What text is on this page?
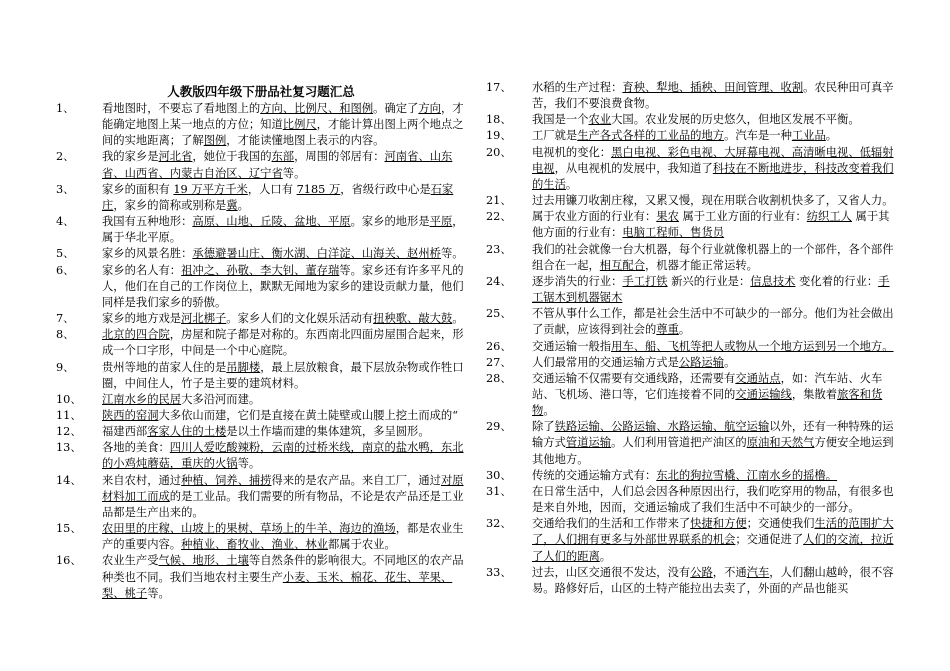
人教版四年级下册品社复习题汇总
1、	看地图时，不要忘了看地图上的方向、比例尺、和图例。确定了方向，才能确定地图上某一地点的方位；知道比例尺，才能计算出图上两个地点之间的实地距离；了解图例，才能读懂地图上表示的内容。
2、	我的家乡是河北省，她位于我国的东部，周围的邻居有：河南省、山东省、山西省、内蒙古自治区、辽宁省等。
3、	家乡的面积有 19 万平方千米，人口有 7185 万，省级行政中心是石家庄，家乡的简称或别称是冀。
4、	我国有五种地形：高原、山地、丘陵、盆地、平原。家乡的地形是平原，属于华北平原。
5、	家乡的风景名胜：承德避暑山庄、衡水湖、白洋淀、山海关、赵州桥等。
6、	家乡的名人有：祖冲之、孙敬、李大钊、董存瑞等。家乡还有许多平凡的人，他们在自己的工作岗位上，默默无闻地为家乡的建设贡献力量，他们同样是我们家乡的骄傲。
7、	家乡的地方戏是河北梆子。家乡人们的文化娱乐活动有扭秧歌、敲大鼓。
8、	北京的四合院，房屋和院子都是对称的。东西南北四面房屋围合起来，形成一个口字形，中间是一个中心庭院。
9、	贵州等地的苗家人住的是吊脚楼，最上层放粮食，最下层放杂物或作牲口圈，中间住人，竹子是主要的建筑材料。
10、	江南水乡的民居大多沿河而建。
11、	陕西的窑洞大多依山而建，它们是直接在黄土陡壁或山腰上挖土而成的“
12、	福建西部客家人住的土楼是以土作墙而建的集体建筑，多呈圆形。
13、	各地的美食：四川人爱吃酸辣粉，云南的过桥米线，南京的盐水鸭，东北的小鸡炖蘑菇，重庆的火锅等。
14、	来自农村，通过种植、饲养、捕捞得来的是农产品。来自工厂，通过对原材料加工而成的是工业品。我们需要的所有物品，不论是农产品还是工业品都是生产出来的。
15、	农田里的庄稼、山坡上的果树、草场上的牛羊、海边的渔场，都是农业生产的重要内容。种植业、畜牧业、渔业、林业都属于农业。
16、	农业生产受气候、地形、土壤等自然条件的影响很大。不同地区的农产品种类也不同。我们当地农村主要生产小麦、玉米、棉花、花生、苹果、梨、桃子等。
17、	水稻的生产过程：育秧、犁地、插秧、田间管理、收割。农民种田可真辛苦，我们不要浪费食物。
18、	我国是一个农业大国。农业发展的历史悠久，但地区发展不平衡。
19、	工厂就是生产各式各样的工业品的地方。汽车是一种工业品。
20、	电视机的变化：黑白电视、彩色电视、大屏幕电视、高清晰电视、低辐射电视，从电视机的发展中，我知道了科技在不断地进步，科技改变着我们的生活。
21、	过去用镰刀收割庄稼，又累又慢，现在用联合收割机快多了，又省人力。
22、	属于农业方面的行业有：果农 属于工业方面的行业有：纺织工人 属于其他方面的行业有：电脑工程师、售货员
23、	我们的社会就像一台大机器，每个行业就像机器上的一个部件，各个部件组合在一起，相互配合，机器才能正常运转。
24、	逐步消失的行业：手工打铁 新兴的行业是：信息技术 变化着的行业：手工锯木到机器锯木
25、	不管从事什么工作，都是社会生活中不可缺少的一部分。他们为社会做出了贡献，应该得到社会的尊重。
26、	交通运输一般指用车、船、飞机等把人或物从一个地方运到另一个地方。
27、	人们最常用的交通运输方式是公路运输。
28、	交通运输不仅需要有交通线路，还需要有交通站点，如：汽车站、火车站、飞机场、港口等，它们连接着不同的交通运输线，集散着旅客和货物。
29、	除了铁路运输、公路运输、水路运输、航空运输以外，还有一种特殊的运输方式管道运输。人们利用管道把产油区的原油和天然气方便安全地运到其他地方。
30、	传统的交通运输方式有：东北的狗拉雪橇、江南水乡的摇橹。
31、	在日常生活中，人们总会因各种原因出行，我们吃穿用的物品，有很多也是来自外地，因而，交通运输成了我们生活中不可缺少的一部分。
32、	交通给我们的生活和工作带来了快捷和方便；交通使我们生活的范围扩大了，人们拥有更多与外部世界联系的机会；交通促进了人们的交流，拉近了人们的距离。
33、	过去，山区交通很不发达，没有公路，不通汽车，人们翻山越岭，很不容易。路修好后，山区的土特产能拉出去卖了，外面的产品也能买
